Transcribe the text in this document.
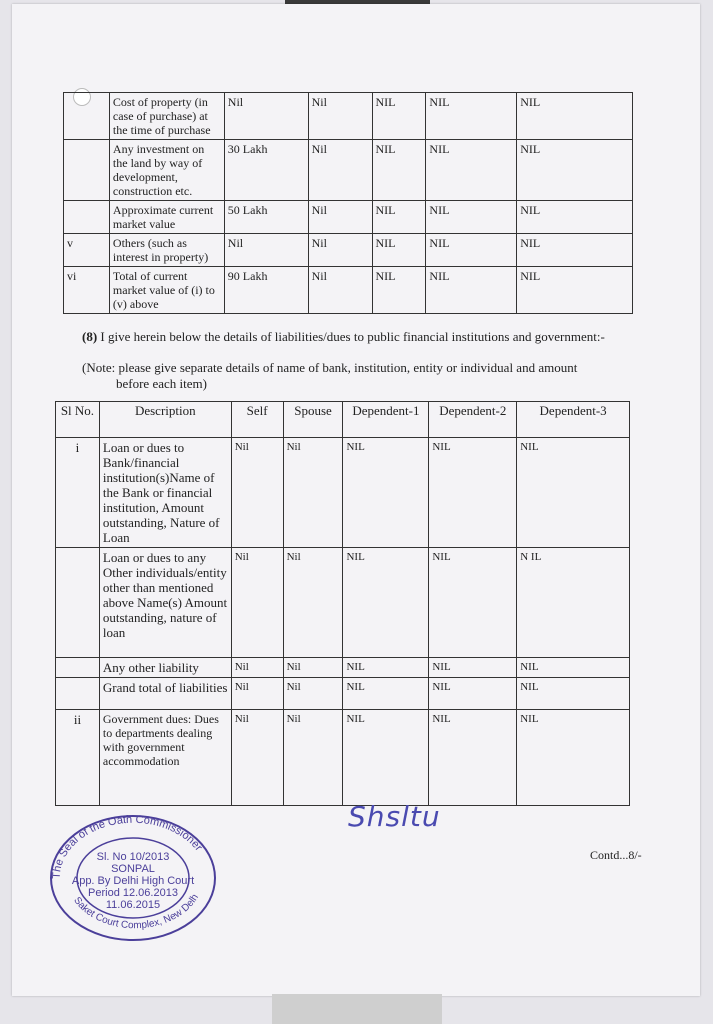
	Cost of property (in case of purchase) at the time of purchase	Nil	Nil	NIL	NIL	NIL
	Any investment on the land by way of development, construction etc.	30 Lakh	Nil	NIL	NIL	NIL
	Approximate current market value	50 Lakh	Nil	NIL	NIL	NIL
v	Others (such as interest in property)	Nil	Nil	NIL	NIL	NIL
vi	Total of current market value of (i) to (v) above	90 Lakh	Nil	NIL	NIL	NIL
(8) I give herein below the details of liabilities/dues to public financial institutions and government:-
(Note: please give separate details of name of bank, institution, entity or individual and amount
before each item)
Sl No.	Description	Self	Spouse	Dependent-1	Dependent-2	Dependent-3
i	Loan or dues to Bank/financial institution(s)Name of the Bank or financial institution, Amount outstanding, Nature of Loan	Nil	Nil	NIL	NIL	NIL
	Loan or dues to any Other individuals/entity other than mentioned above Name(s) Amount outstanding, nature of loan	Nil	Nil	NIL	NIL	N IL
	Any other liability	Nil	Nil	NIL	NIL	NIL
	Grand total of liabilities	Nil	Nil	NIL	NIL	NIL
ii	Government dues: Dues to departments dealing with government accommodation	Nil	Nil	NIL	NIL	NIL
Shsltu
The Seal of the Oath Commissioner
Saket Court Complex, New Delh
Sl. No 10/2013
SONPAL
App. By Delhi High Court
Period 12.06.2013
11.06.2015
Contd...8/-
